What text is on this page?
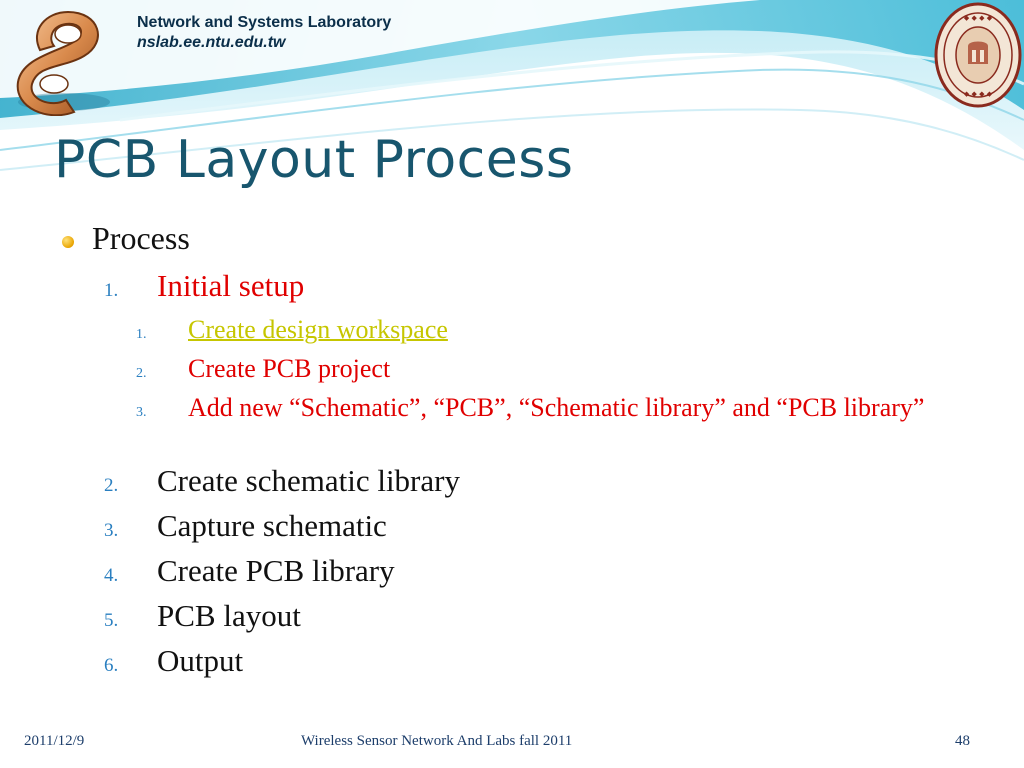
Network and Systems Laboratory
nslab.ee.ntu.edu.tw
◆ ◆ ◆ ◆
◆ ◆ ◆ ◆
PCB Layout Process
Process
1. Initial setup
1. Create design workspace
2. Create PCB project
3. Add new “Schematic”, “PCB”, “Schematic library” and “PCB library”
2. Create schematic library
3. Capture schematic
4. Create PCB library
5. PCB layout
6. Output
2011/12/9	Wireless Sensor Network And Labs fall 2011	48
